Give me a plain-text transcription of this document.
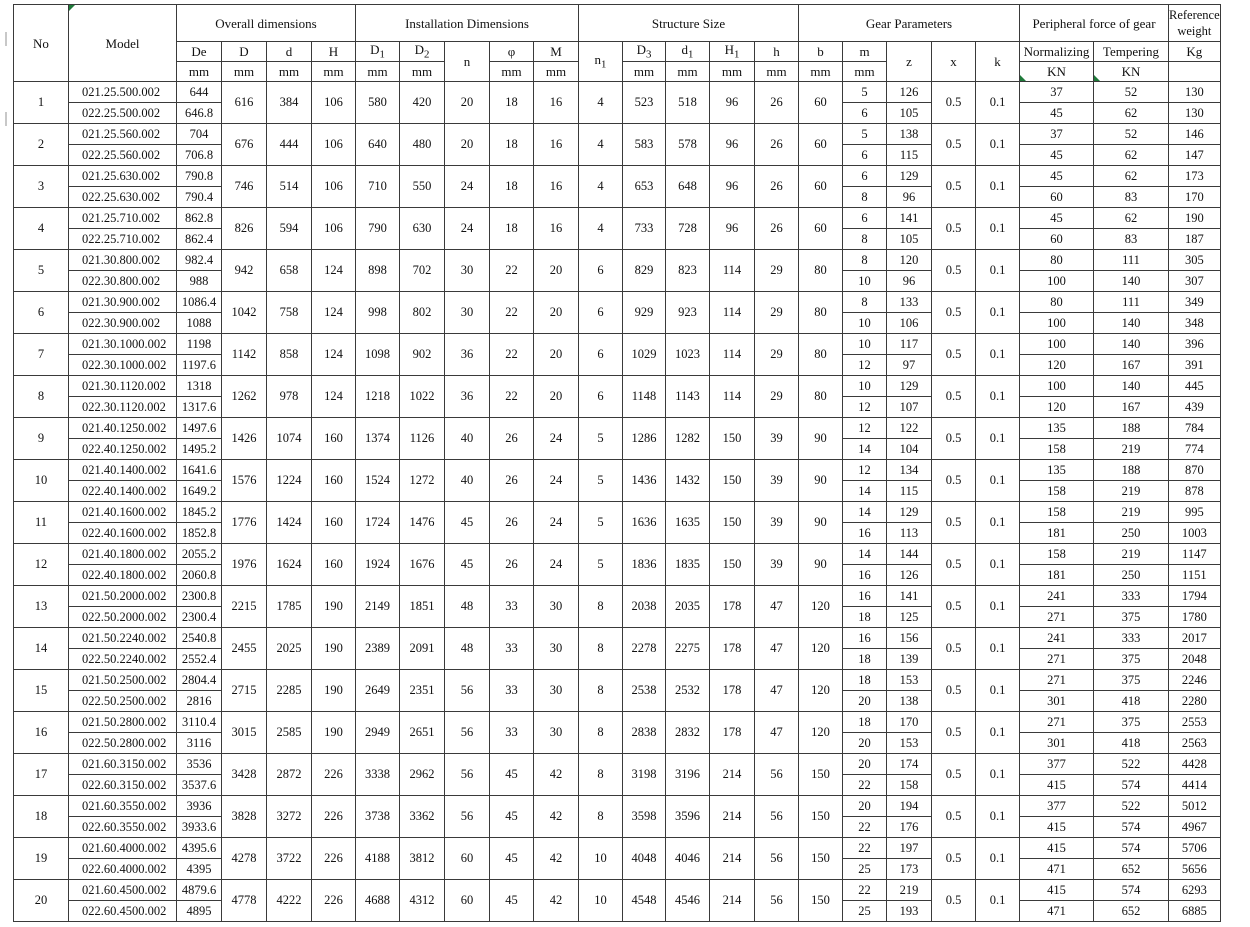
No	Model	Overall dimensions				Installation Dimensions					Structure Size					Gear Parameters					Peripheral force of gear		Reference weight
		De	D	d	H	$D_1$	$D_2$	n	φ	M	$n_1$	$D_3$	$d_1$	$H_1$	h	b	m	z	x	k	Normalizing	Tempering	Kg
		mm	mm	mm	mm	mm	mm		mm	mm		mm	mm	mm	mm	mm	mm				KN	KN	
1	021.25.500.002	644	616	384	106	580	420	20	18	16	4	523	518	96	26	60	5	126	0.5	0.1	37	52	130
	022.25.500.002	646.8															6	105			45	62	130
2	021.25.560.002	704	676	444	106	640	480	20	18	16	4	583	578	96	26	60	5	138	0.5	0.1	37	52	146
	022.25.560.002	706.8															6	115			45	62	147
3	021.25.630.002	790.8	746	514	106	710	550	24	18	16	4	653	648	96	26	60	6	129	0.5	0.1	45	62	173
	022.25.630.002	790.4															8	96			60	83	170
4	021.25.710.002	862.8	826	594	106	790	630	24	18	16	4	733	728	96	26	60	6	141	0.5	0.1	45	62	190
	022.25.710.002	862.4															8	105			60	83	187
5	021.30.800.002	982.4	942	658	124	898	702	30	22	20	6	829	823	114	29	80	8	120	0.5	0.1	80	111	305
	022.30.800.002	988															10	96			100	140	307
6	021.30.900.002	1086.4	1042	758	124	998	802	30	22	20	6	929	923	114	29	80	8	133	0.5	0.1	80	111	349
	022.30.900.002	1088															10	106			100	140	348
7	021.30.1000.002	1198	1142	858	124	1098	902	36	22	20	6	1029	1023	114	29	80	10	117	0.5	0.1	100	140	396
	022.30.1000.002	1197.6															12	97			120	167	391
8	021.30.1120.002	1318	1262	978	124	1218	1022	36	22	20	6	1148	1143	114	29	80	10	129	0.5	0.1	100	140	445
	022.30.1120.002	1317.6															12	107			120	167	439
9	021.40.1250.002	1497.6	1426	1074	160	1374	1126	40	26	24	5	1286	1282	150	39	90	12	122	0.5	0.1	135	188	784
	022.40.1250.002	1495.2															14	104			158	219	774
10	021.40.1400.002	1641.6	1576	1224	160	1524	1272	40	26	24	5	1436	1432	150	39	90	12	134	0.5	0.1	135	188	870
	022.40.1400.002	1649.2															14	115			158	219	878
11	021.40.1600.002	1845.2	1776	1424	160	1724	1476	45	26	24	5	1636	1635	150	39	90	14	129	0.5	0.1	158	219	995
	022.40.1600.002	1852.8															16	113			181	250	1003
12	021.40.1800.002	2055.2	1976	1624	160	1924	1676	45	26	24	5	1836	1835	150	39	90	14	144	0.5	0.1	158	219	1147
	022.40.1800.002	2060.8															16	126			181	250	1151
13	021.50.2000.002	2300.8	2215	1785	190	2149	1851	48	33	30	8	2038	2035	178	47	120	16	141	0.5	0.1	241	333	1794
	022.50.2000.002	2300.4															18	125			271	375	1780
14	021.50.2240.002	2540.8	2455	2025	190	2389	2091	48	33	30	8	2278	2275	178	47	120	16	156	0.5	0.1	241	333	2017
	022.50.2240.002	2552.4															18	139			271	375	2048
15	021.50.2500.002	2804.4	2715	2285	190	2649	2351	56	33	30	8	2538	2532	178	47	120	18	153	0.5	0.1	271	375	2246
	022.50.2500.002	2816															20	138			301	418	2280
16	021.50.2800.002	3110.4	3015	2585	190	2949	2651	56	33	30	8	2838	2832	178	47	120	18	170	0.5	0.1	271	375	2553
	022.50.2800.002	3116															20	153			301	418	2563
17	021.60.3150.002	3536	3428	2872	226	3338	2962	56	45	42	8	3198	3196	214	56	150	20	174	0.5	0.1	377	522	4428
	022.60.3150.002	3537.6															22	158			415	574	4414
18	021.60.3550.002	3936	3828	3272	226	3738	3362	56	45	42	8	3598	3596	214	56	150	20	194	0.5	0.1	377	522	5012
	022.60.3550.002	3933.6															22	176			415	574	4967
19	021.60.4000.002	4395.6	4278	3722	226	4188	3812	60	45	42	10	4048	4046	214	56	150	22	197	0.5	0.1	415	574	5706
	022.60.4000.002	4395															25	173			471	652	5656
20	021.60.4500.002	4879.6	4778	4222	226	4688	4312	60	45	42	10	4548	4546	214	56	150	22	219	0.5	0.1	415	574	6293
	022.60.4500.002	4895															25	193			471	652	6885
